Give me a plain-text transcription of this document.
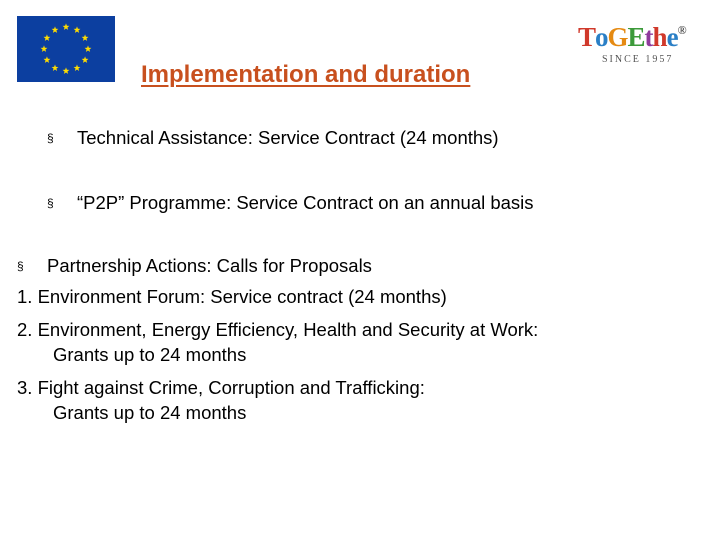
ToGEthe®
SINCE 1957
Implementation and duration
§ Technical Assistance: Service Contract (24 months)
§ “P2P” Programme: Service Contract on an annual basis
§ Partnership Actions: Calls for Proposals
1. Environment Forum: Service contract (24 months)
2. Environment, Energy Efficiency, Health and Security at Work:
Grants up to 24 months
3. Fight against Crime, Corruption and Trafficking:
Grants up to 24 months
